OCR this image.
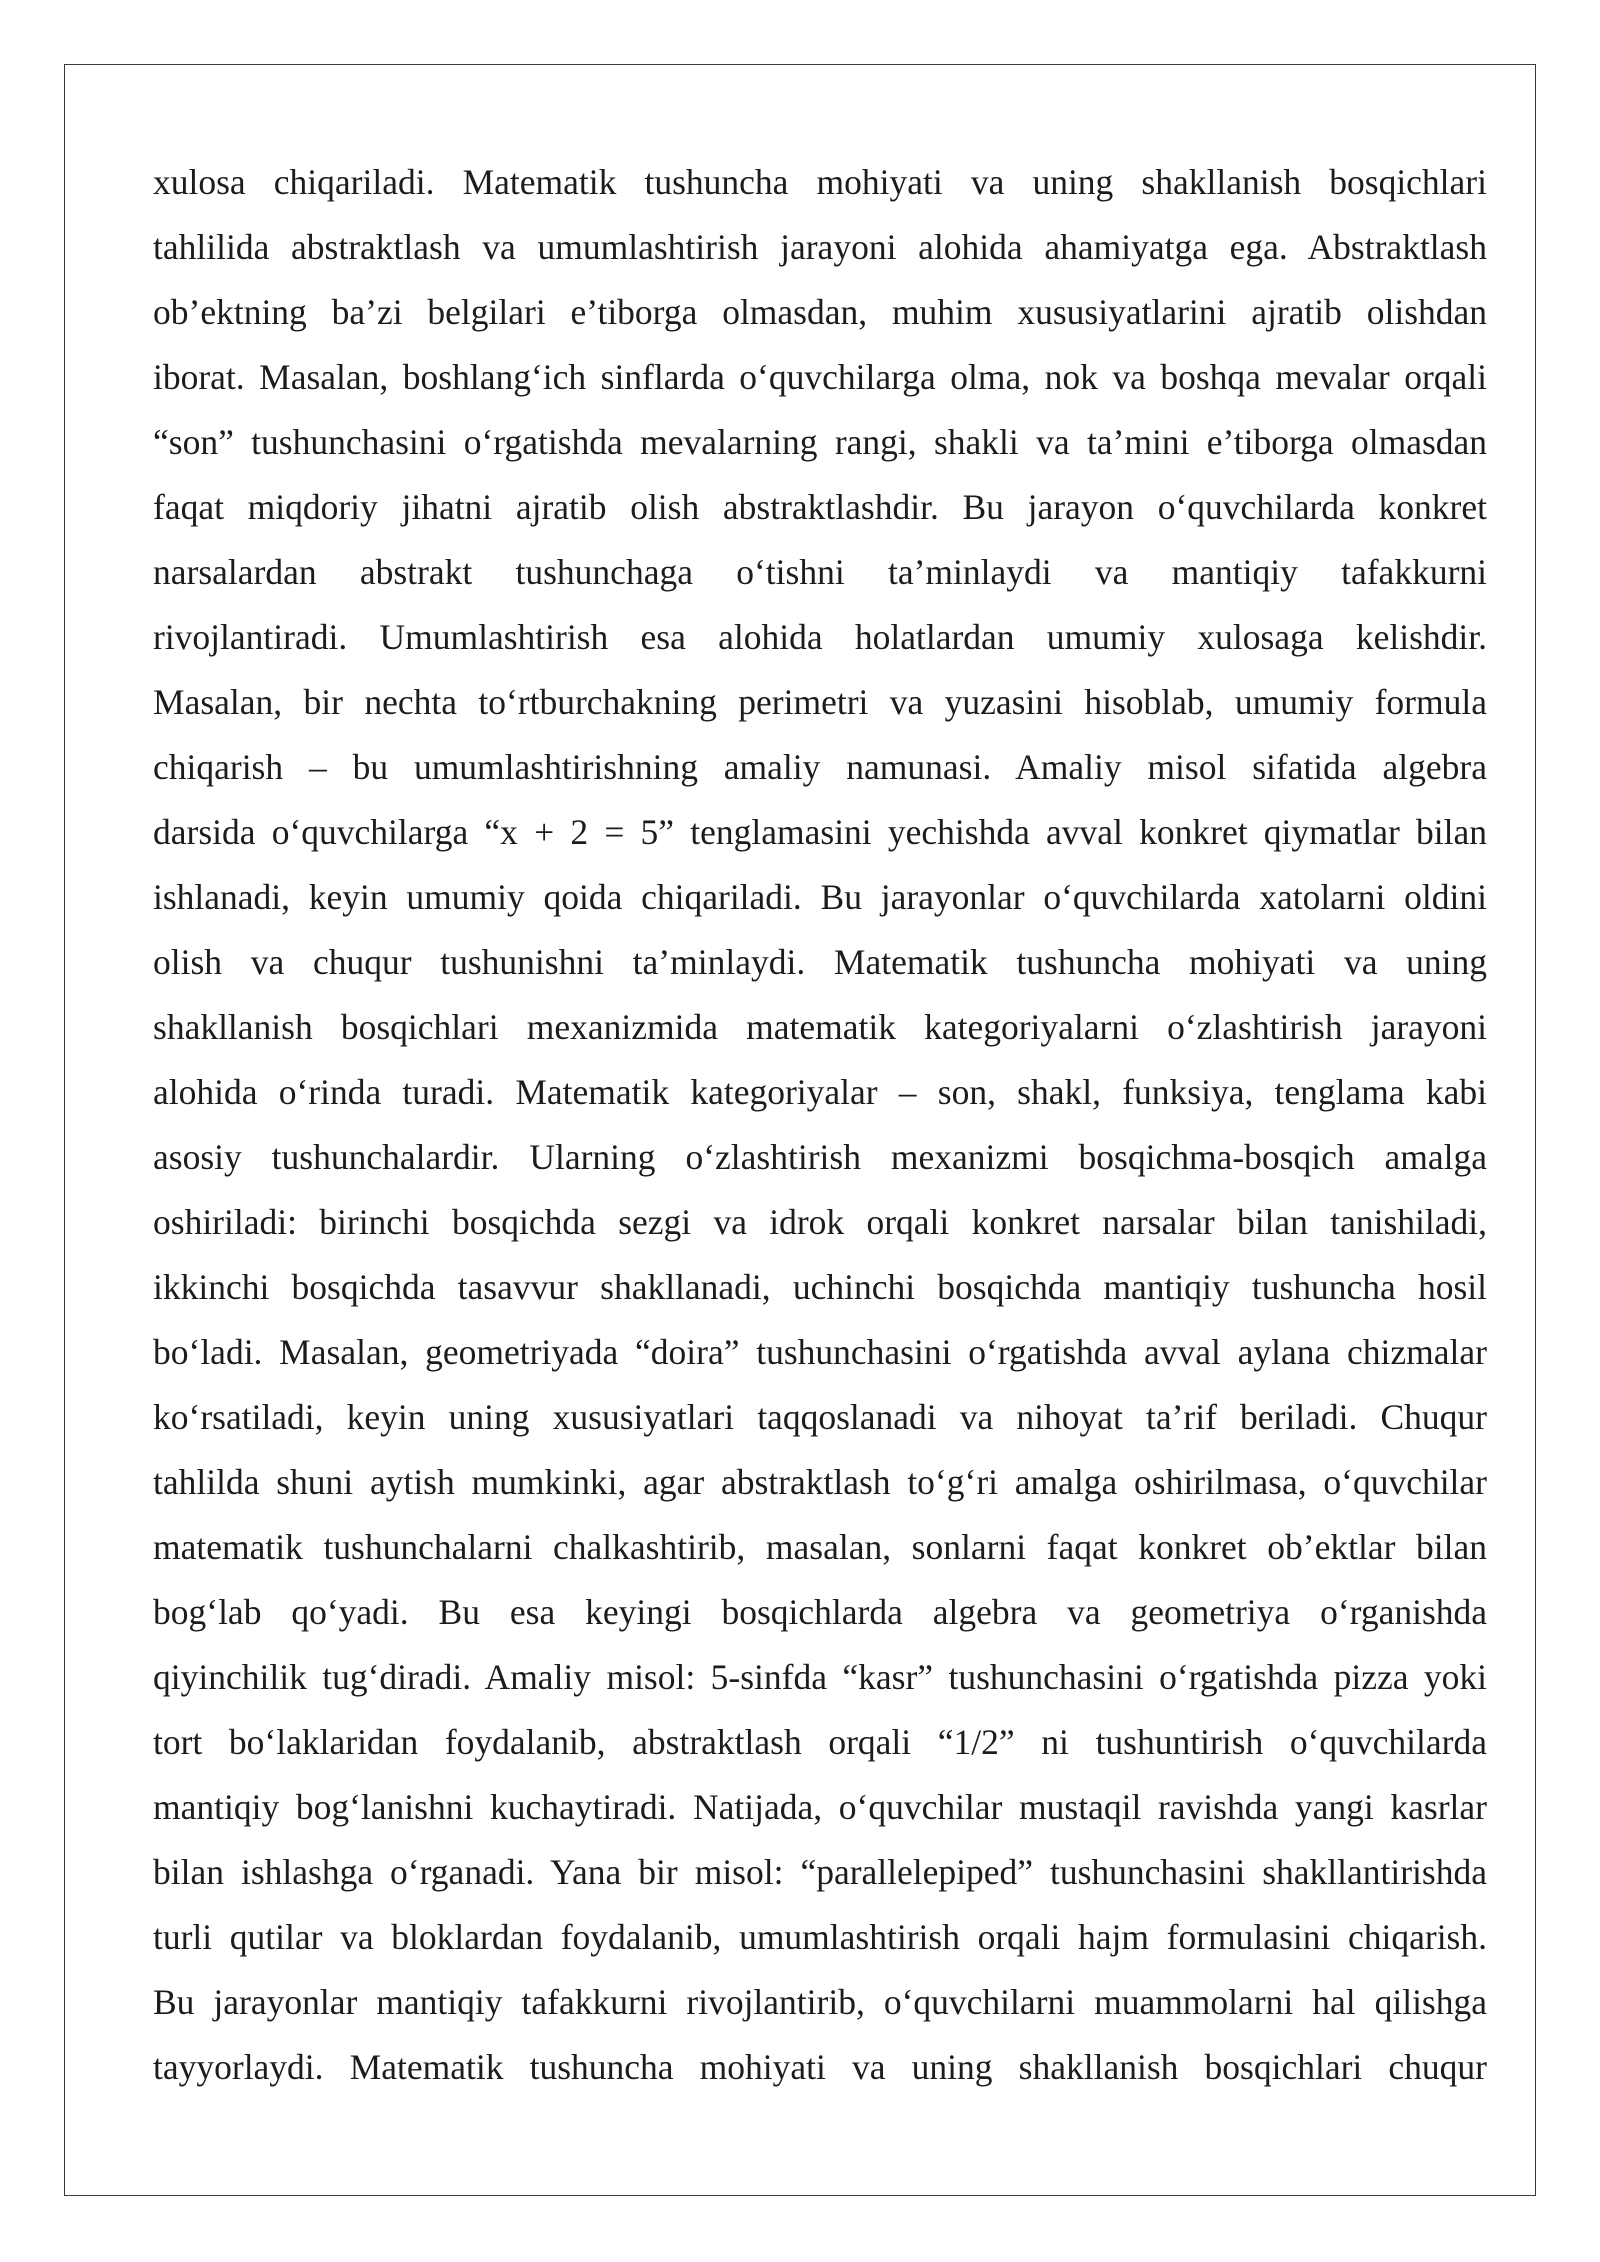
xulosa chiqariladi. Matematik tushuncha mohiyati va uning shakllanish bosqichlari
tahlilida abstraktlash va umumlashtirish jarayoni alohida ahamiyatga ega. Abstraktlash
ob’ektning ba’zi belgilari e’tiborga olmasdan, muhim xususiyatlarini ajratib olishdan
iborat. Masalan, boshlang‘ich sinflarda o‘quvchilarga olma, nok va boshqa mevalar orqali
“son” tushunchasini o‘rgatishda mevalarning rangi, shakli va ta’mini e’tiborga olmasdan
faqat miqdoriy jihatni ajratib olish abstraktlashdir. Bu jarayon o‘quvchilarda konkret
narsalardan abstrakt tushunchaga o‘tishni ta’minlaydi va mantiqiy tafakkurni
rivojlantiradi. Umumlashtirish esa alohida holatlardan umumiy xulosaga kelishdir.
Masalan, bir nechta to‘rtburchakning perimetri va yuzasini hisoblab, umumiy formula
chiqarish – bu umumlashtirishning amaliy namunasi. Amaliy misol sifatida algebra
darsida o‘quvchilarga “x + 2 = 5” tenglamasini yechishda avval konkret qiymatlar bilan
ishlanadi, keyin umumiy qoida chiqariladi. Bu jarayonlar o‘quvchilarda xatolarni oldini
olish va chuqur tushunishni ta’minlaydi. Matematik tushuncha mohiyati va uning
shakllanish bosqichlari mexanizmida matematik kategoriyalarni o‘zlashtirish jarayoni
alohida o‘rinda turadi. Matematik kategoriyalar – son, shakl, funksiya, tenglama kabi
asosiy tushunchalardir. Ularning o‘zlashtirish mexanizmi bosqichma-bosqich amalga
oshiriladi: birinchi bosqichda sezgi va idrok orqali konkret narsalar bilan tanishiladi,
ikkinchi bosqichda tasavvur shakllanadi, uchinchi bosqichda mantiqiy tushuncha hosil
bo‘ladi. Masalan, geometriyada “doira” tushunchasini o‘rgatishda avval aylana chizmalar
ko‘rsatiladi, keyin uning xususiyatlari taqqoslanadi va nihoyat ta’rif beriladi. Chuqur
tahlilda shuni aytish mumkinki, agar abstraktlash to‘g‘ri amalga oshirilmasa, o‘quvchilar
matematik tushunchalarni chalkashtirib, masalan, sonlarni faqat konkret ob’ektlar bilan
bog‘lab qo‘yadi. Bu esa keyingi bosqichlarda algebra va geometriya o‘rganishda
qiyinchilik tug‘diradi. Amaliy misol: 5-sinfda “kasr” tushunchasini o‘rgatishda pizza yoki
tort bo‘laklaridan foydalanib, abstraktlash orqali “1/2” ni tushuntirish o‘quvchilarda
mantiqiy bog‘lanishni kuchaytiradi. Natijada, o‘quvchilar mustaqil ravishda yangi kasrlar
bilan ishlashga o‘rganadi. Yana bir misol: “parallelepiped” tushunchasini shakllantirishda
turli qutilar va bloklardan foydalanib, umumlashtirish orqali hajm formulasini chiqarish.
Bu jarayonlar mantiqiy tafakkurni rivojlantirib, o‘quvchilarni muammolarni hal qilishga
tayyorlaydi. Matematik tushuncha mohiyati va uning shakllanish bosqichlari chuqur
